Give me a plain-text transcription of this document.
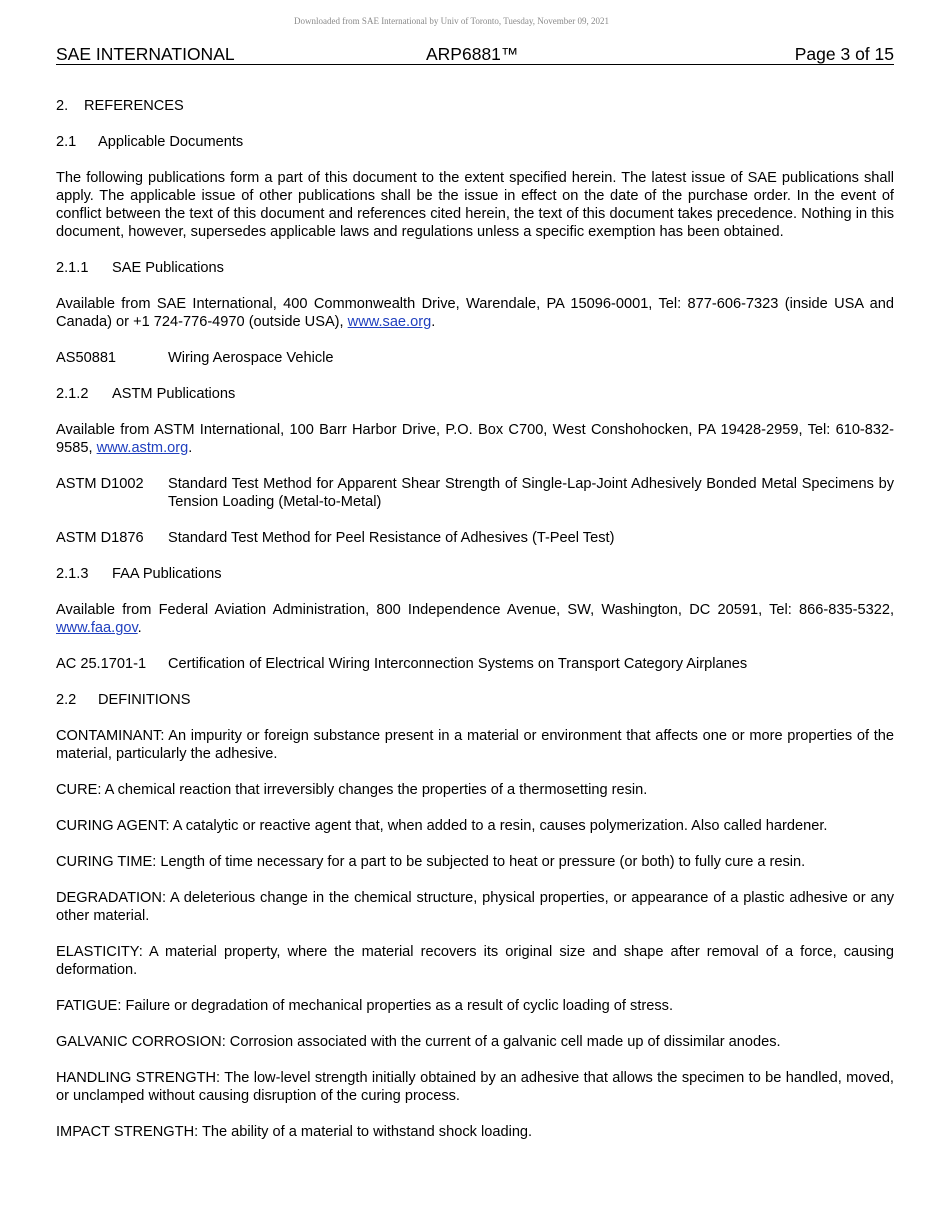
Downloaded from SAE International by Univ of Toronto, Tuesday, November 09, 2021
SAE INTERNATIONAL	ARP6881™	Page 3 of 15
2. REFERENCES
2.1 Applicable Documents

The following publications form a part of this document to the extent specified herein. The latest issue of SAE publications shall apply. The applicable issue of other publications shall be the issue in effect on the date of the purchase order. In the event of conflict between the text of this document and references cited herein, the text of this document takes precedence. Nothing in this document, however, supersedes applicable laws and regulations unless a specific exemption has been obtained.

2.1.1 SAE Publications

Available from SAE International, 400 Commonwealth Drive, Warendale, PA 15096-0001, Tel: 877-606-7323 (inside USA and Canada) or +1 724-776-4970 (outside USA), www.sae.org.

AS50881	Wiring Aerospace Vehicle
2.1.2 ASTM Publications

Available from ASTM International, 100 Barr Harbor Drive, P.O. Box C700, West Conshohocken, PA 19428-2959, Tel: 610-832-9585, www.astm.org.

ASTM D1002	Standard Test Method for Apparent Shear Strength of Single-Lap-Joint Adhesively Bonded Metal Specimens by Tension Loading (Metal-to-Metal)
ASTM D1876	Standard Test Method for Peel Resistance of Adhesives (T-Peel Test)
2.1.3 FAA Publications

Available from Federal Aviation Administration, 800 Independence Avenue, SW, Washington, DC 20591, Tel: 866-835-5322, www.faa.gov.

AC 25.1701-1	Certification of Electrical Wiring Interconnection Systems on Transport Category Airplanes
2.2 DEFINITIONS

CONTAMINANT: An impurity or foreign substance present in a material or environment that affects one or more properties of the material, particularly the adhesive.

CURE: A chemical reaction that irreversibly changes the properties of a thermosetting resin.

CURING AGENT: A catalytic or reactive agent that, when added to a resin, causes polymerization. Also called hardener.

CURING TIME: Length of time necessary for a part to be subjected to heat or pressure (or both) to fully cure a resin.

DEGRADATION: A deleterious change in the chemical structure, physical properties, or appearance of a plastic adhesive or any other material.

ELASTICITY: A material property, where the material recovers its original size and shape after removal of a force, causing deformation.

FATIGUE: Failure or degradation of mechanical properties as a result of cyclic loading of stress.

GALVANIC CORROSION: Corrosion associated with the current of a galvanic cell made up of dissimilar anodes.

HANDLING STRENGTH: The low-level strength initially obtained by an adhesive that allows the specimen to be handled, moved, or unclamped without causing disruption of the curing process.

IMPACT STRENGTH: The ability of a material to withstand shock loading.
